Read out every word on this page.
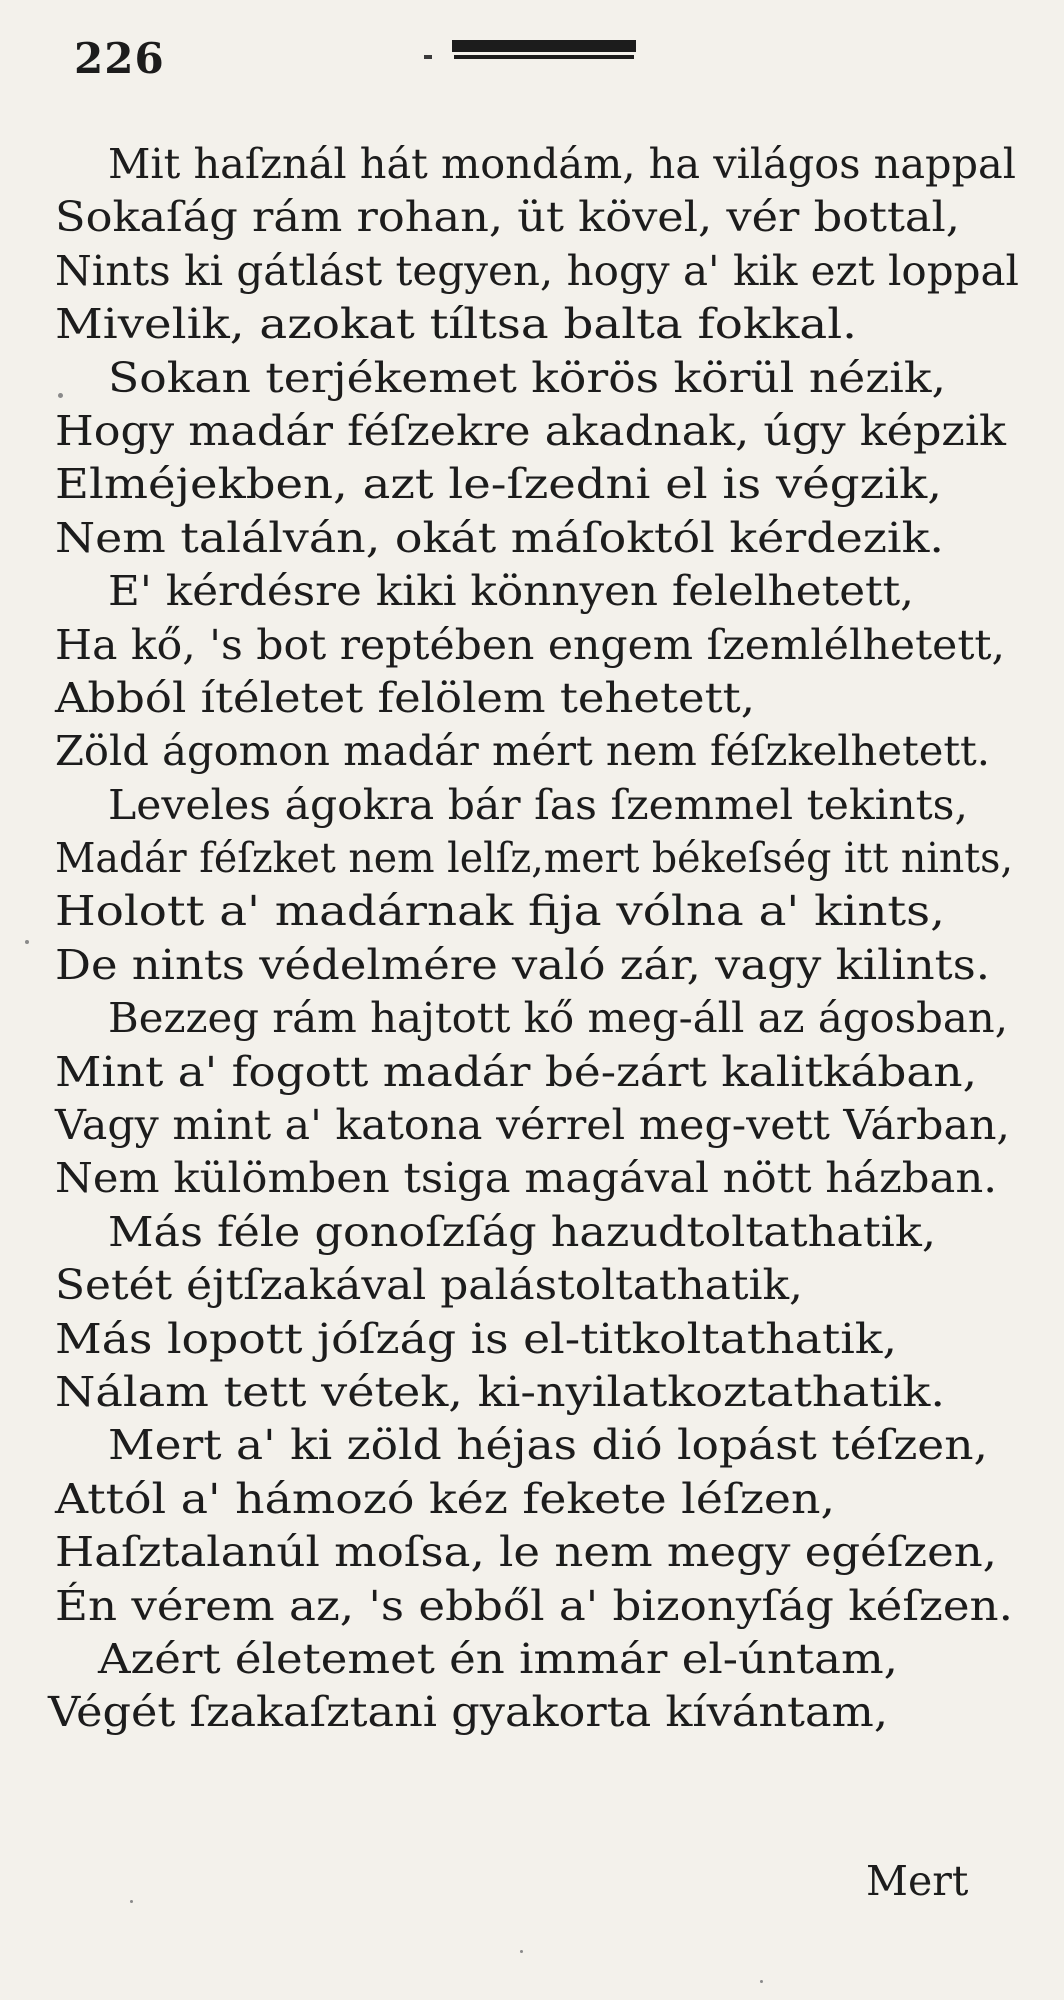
226
Mit haſznál hát mondám, ha világos nappal
Sokaſág rám rohan, üt kövel, vér bottal,
Nints ki gátlást tegyen, hogy a' kik ezt loppal
Mivelik, azokat tíltsa balta fokkal.
Sokan terjékemet körös körül nézik,
Hogy madár féſzekre akadnak, úgy képzik
Elméjekben, azt le-ſzedni el is végzik,
Nem találván, okát máſoktól kérdezik.
E' kérdésre kiki könnyen felelhetett,
Ha kő, 's bot reptében engem ſzemlélhetett,
Abból ítéletet felölem tehetett,
Zöld ágomon madár mért nem féſzkelhetett.
Leveles ágokra bár ſas ſzemmel tekints,
Madár féſzket nem lelſz,mert békeſség itt nints,
Holott a' madárnak fija vólna a' kints,
De nints védelmére való zár, vagy kilints.
Bezzeg rám hajtott kő meg-áll az ágosban,
Mint a' fogott madár bé-zárt kalitkában,
Vagy mint a' katona vérrel meg-vett Várban,
Nem külömben tsiga magával nött házban.
Más féle gonoſzſág hazudtoltathatik,
Setét éjtſzakával palástoltathatik,
Más lopott jóſzág is el-titkoltathatik,
Nálam tett vétek, ki-nyilatkoztathatik.
Mert a' ki zöld héjas dió lopást téſzen,
Attól a' hámozó kéz fekete léſzen,
Haſztalanúl moſsa, le nem megy egéſzen,
Én vérem az, 's ebből a' bizonyſág kéſzen.
Azért életemet én immár el-úntam,
Végét ſzakaſztani gyakorta kívántam,
Mert
